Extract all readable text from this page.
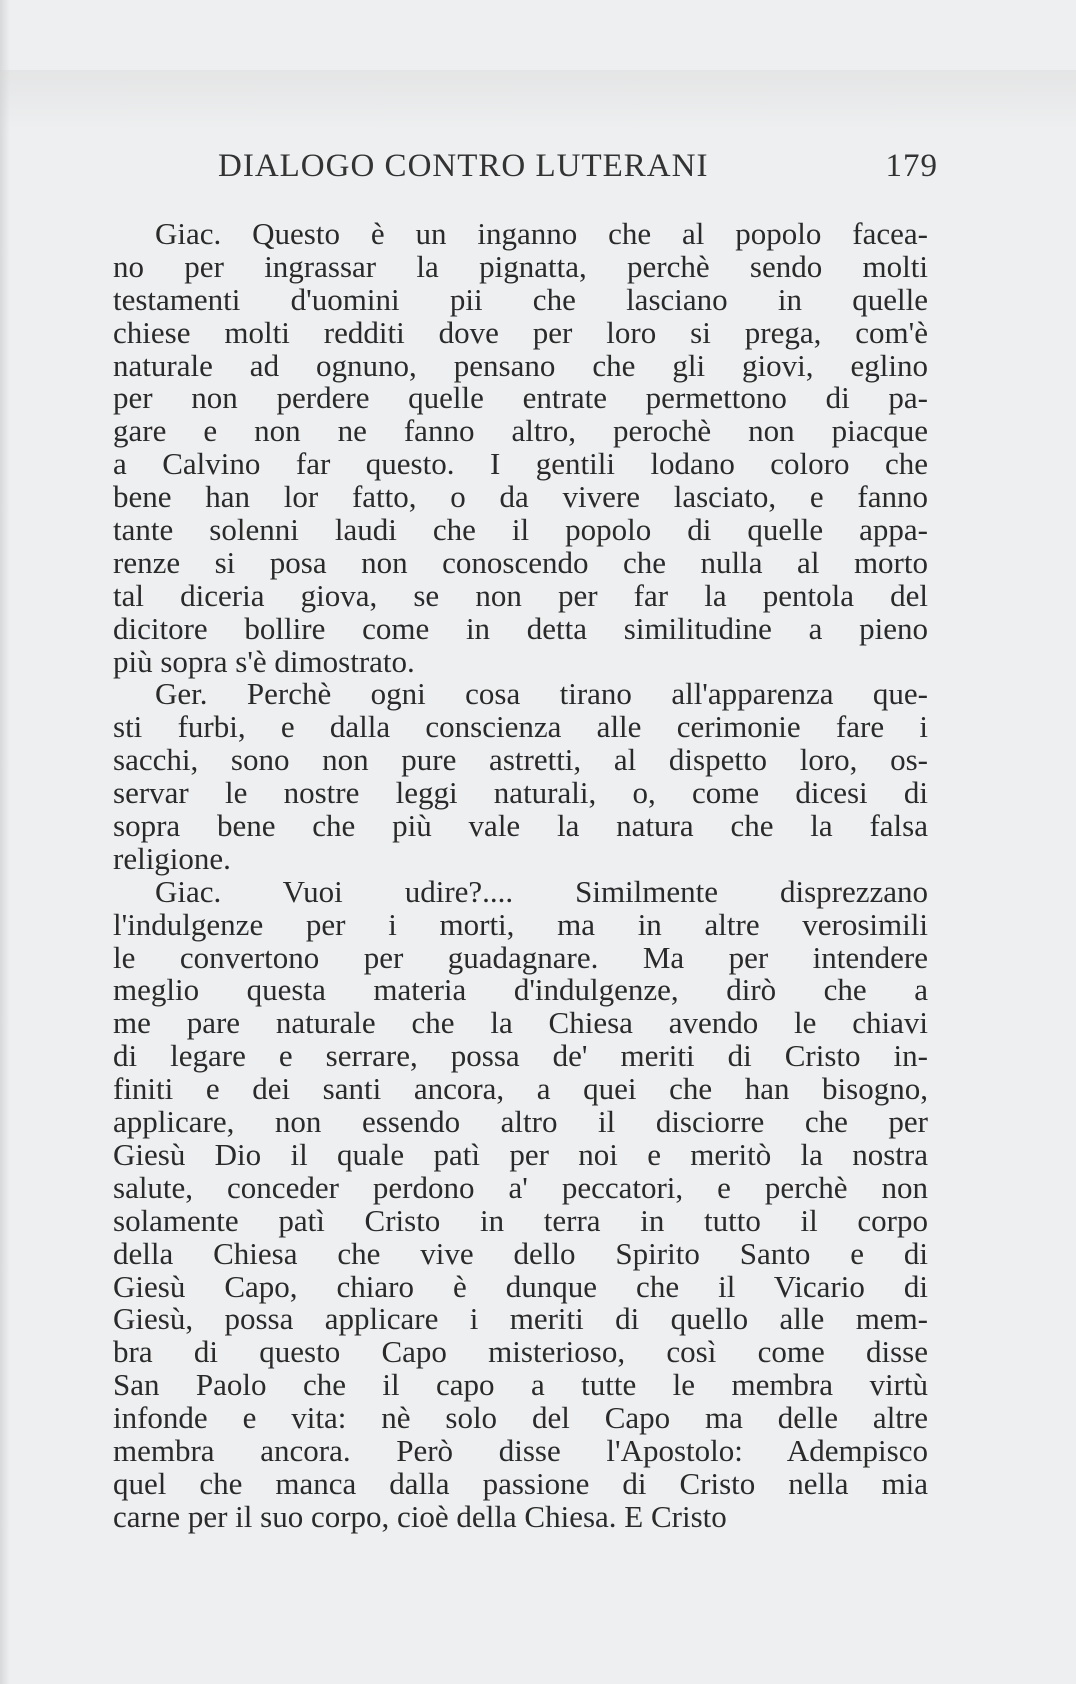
DIALOGO CONTRO LUTERANI	179
Giac. Questo è un inganno che al popolo facea-
no per ingrassar la pignatta, perchè sendo molti
testamenti d'uomini pii che lasciano in quelle
chiese molti redditi dove per loro si prega, com'è
naturale ad ognuno, pensano che gli giovi, eglino
per non perdere quelle entrate permettono di pa-
gare e non ne fanno altro, perochè non piacque
a Calvino far questo. I gentili lodano coloro che
bene han lor fatto, o da vivere lasciato, e fanno
tante solenni laudi che il popolo di quelle appa-
renze si posa non conoscendo che nulla al morto
tal diceria giova, se non per far la pentola del
dicitore bollire come in detta similitudine a pieno
più sopra s'è dimostrato.
Ger. Perchè ogni cosa tirano all'apparenza que-
sti furbi, e dalla conscienza alle cerimonie fare i
sacchi, sono non pure astretti, al dispetto loro, os-
servar le nostre leggi naturali, o, come dicesi di
sopra bene che più vale la natura che la falsa
religione.
Giac. Vuoi udire?.... Similmente disprezzano
l'indulgenze per i morti, ma in altre verosimili
le convertono per guadagnare. Ma per intendere
meglio questa materia d'indulgenze, dirò che a
me pare naturale che la Chiesa avendo le chiavi
di legare e serrare, possa de' meriti di Cristo in-
finiti e dei santi ancora, a quei che han bisogno,
applicare, non essendo altro il disciorre che per
Giesù Dio il quale patì per noi e meritò la nostra
salute, conceder perdono a' peccatori, e perchè non
solamente patì Cristo in terra in tutto il corpo
della Chiesa che vive dello Spirito Santo e di
Giesù Capo, chiaro è dunque che il Vicario di
Giesù, possa applicare i meriti di quello alle mem-
bra di questo Capo misterioso, così come disse
San Paolo che il capo a tutte le membra virtù
infonde e vita: nè solo del Capo ma delle altre
membra ancora. Però disse l'Apostolo: Adempisco
quel che manca dalla passione di Cristo nella mia
carne per il suo corpo, cioè della Chiesa. E Cristo
